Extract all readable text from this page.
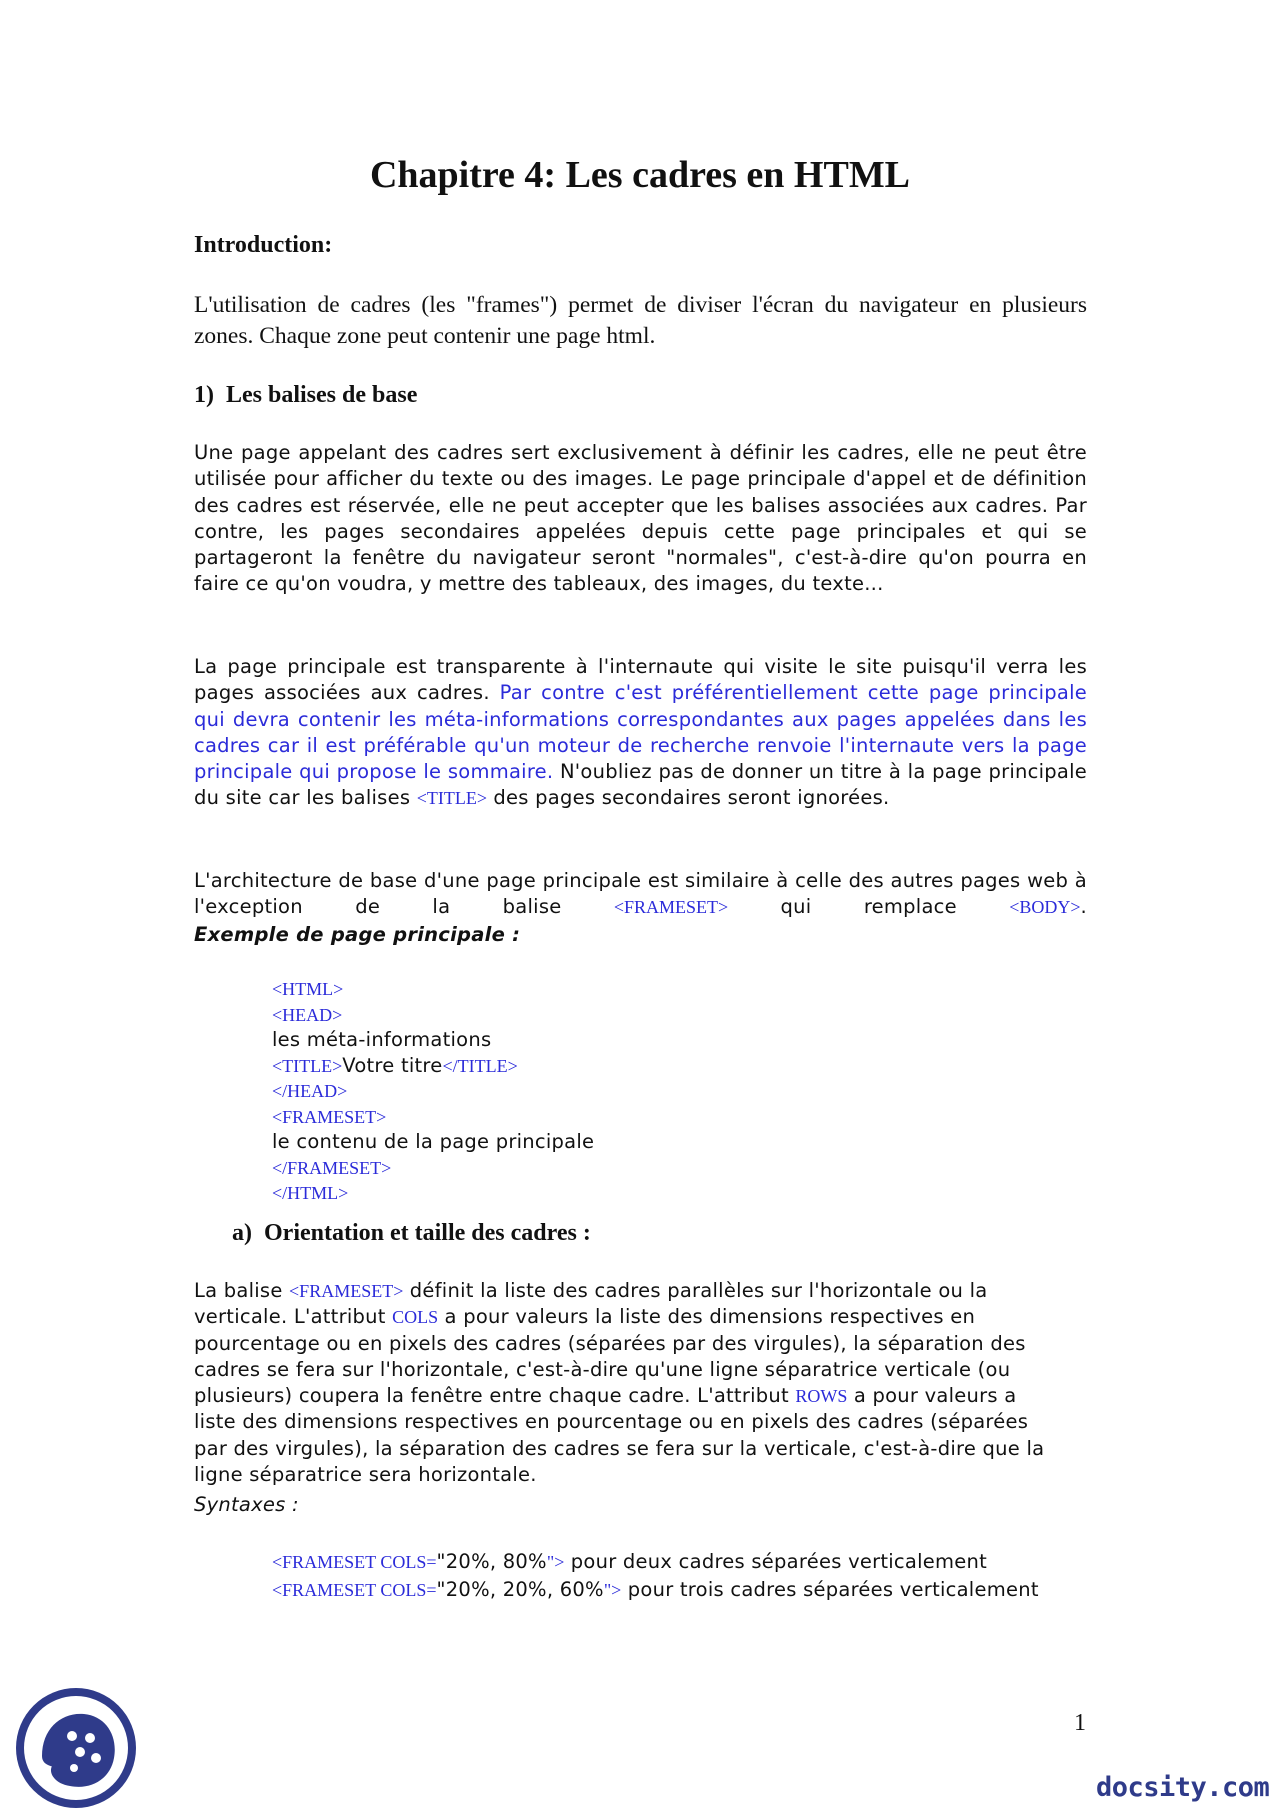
Chapitre 4: Les cadres en HTML
Introduction:

L'utilisation de cadres (les "frames") permet de diviser l'écran du navigateur en plusieurs zones. Chaque zone peut contenir une page html.

1)  Les balises de base

Une page appelant des cadres sert exclusivement à définir les cadres, elle ne peut être utilisée pour afficher du texte ou des images. Le page principale d'appel et de définition des cadres est réservée, elle ne peut accepter que les balises associées aux cadres. Par contre, les pages secondaires appelées depuis cette page principales et qui se partageront la fenêtre du navigateur seront "normales", c'est-à-dire qu'on pourra en faire ce qu'on voudra, y mettre des tableaux, des images, du texte...

La page principale est transparente à l'internaute qui visite le site puisqu'il verra les pages associées aux cadres. Par contre c'est préférentiellement cette page principale qui devra contenir les méta-informations correspondantes aux pages appelées dans les cadres car il est préférable qu'un moteur de recherche renvoie l'internaute vers la page principale qui propose le sommaire. N'oubliez pas de donner un titre à la page principale du site car les balises <TITLE> des pages secondaires seront ignorées.

L'architecture de base d'une page principale est similaire à celle des autres pages web à l'exception de la balise <FRAMESET> qui remplace <BODY>.

Exemple de page principale :
<HTML>
<HEAD>
les méta-informations
<TITLE>Votre titre</TITLE>
</HEAD>
<FRAMESET>
le contenu de la page principale
</FRAMESET>
</HTML>
a)  Orientation et taille des cadres :

La balise <FRAMESET> définit la liste des cadres parallèles sur l'horizontale ou la verticale. L'attribut COLS a pour valeurs la liste des dimensions respectives en pourcentage ou en pixels des cadres (séparées par des virgules), la séparation des cadres se fera sur l'horizontale, c'est-à-dire qu'une ligne séparatrice verticale (ou plusieurs) coupera la fenêtre entre chaque cadre. L'attribut ROWS a pour valeurs a liste des dimensions respectives en pourcentage ou en pixels des cadres (séparées par des virgules), la séparation des cadres se fera sur la verticale, c'est-à-dire que la ligne séparatrice sera horizontale.

Syntaxes :
<FRAMESET COLS="20%, 80%"> pour deux cadres séparées verticalement
<FRAMESET COLS="20%, 20%, 60%"> pour trois cadres séparées verticalement
1
docsity.com
